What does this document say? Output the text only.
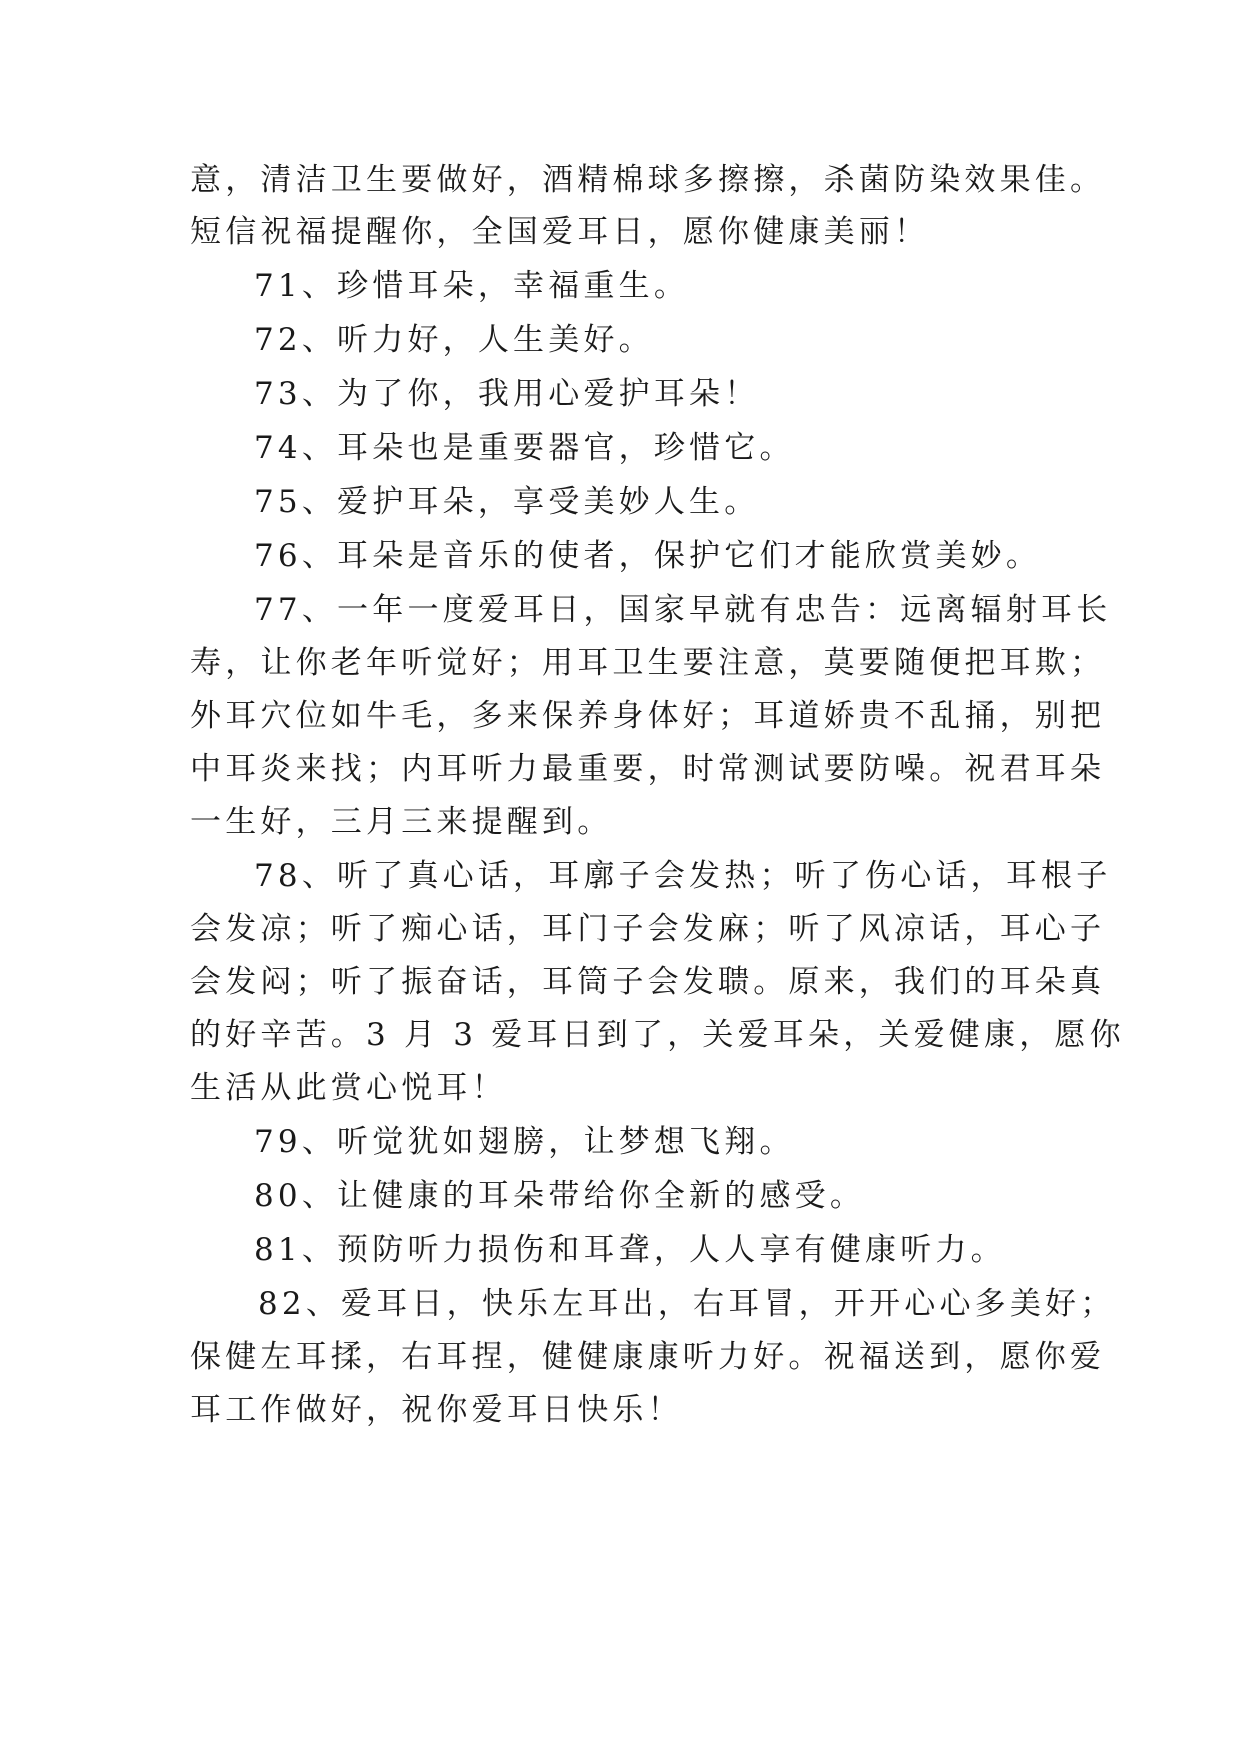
意，清洁卫生要做好，酒精棉球多擦擦，杀菌防染效果佳。
短信祝福提醒你，全国爱耳日，愿你健康美丽！
71、珍惜耳朵，幸福重生。
72、听力好，人生美好。
73、为了你，我用心爱护耳朵！
74、耳朵也是重要器官，珍惜它。
75、爱护耳朵，享受美妙人生。
76、耳朵是音乐的使者，保护它们才能欣赏美妙。
77、一年一度爱耳日，国家早就有忠告：远离辐射耳长
寿，让你老年听觉好；用耳卫生要注意，莫要随便把耳欺；
外耳穴位如牛毛，多来保养身体好；耳道娇贵不乱捅，别把
中耳炎来找；内耳听力最重要，时常测试要防噪。祝君耳朵
一生好，三月三来提醒到。
78、听了真心话，耳廓子会发热；听了伤心话，耳根子
会发凉；听了痴心话，耳门子会发麻；听了风凉话，耳心子
会发闷；听了振奋话，耳筒子会发聩。原来，我们的耳朵真
的好辛苦。3 月 3 爱耳日到了，关爱耳朵，关爱健康，愿你
生活从此赏心悦耳！
79、听觉犹如翅膀，让梦想飞翔。
80、让健康的耳朵带给你全新的感受。
81、预防听力损伤和耳聋，人人享有健康听力。
82、爱耳日，快乐左耳出，右耳冒，开开心心多美好；
保健左耳揉，右耳捏，健健康康听力好。祝福送到，愿你爱
耳工作做好，祝你爱耳日快乐！
